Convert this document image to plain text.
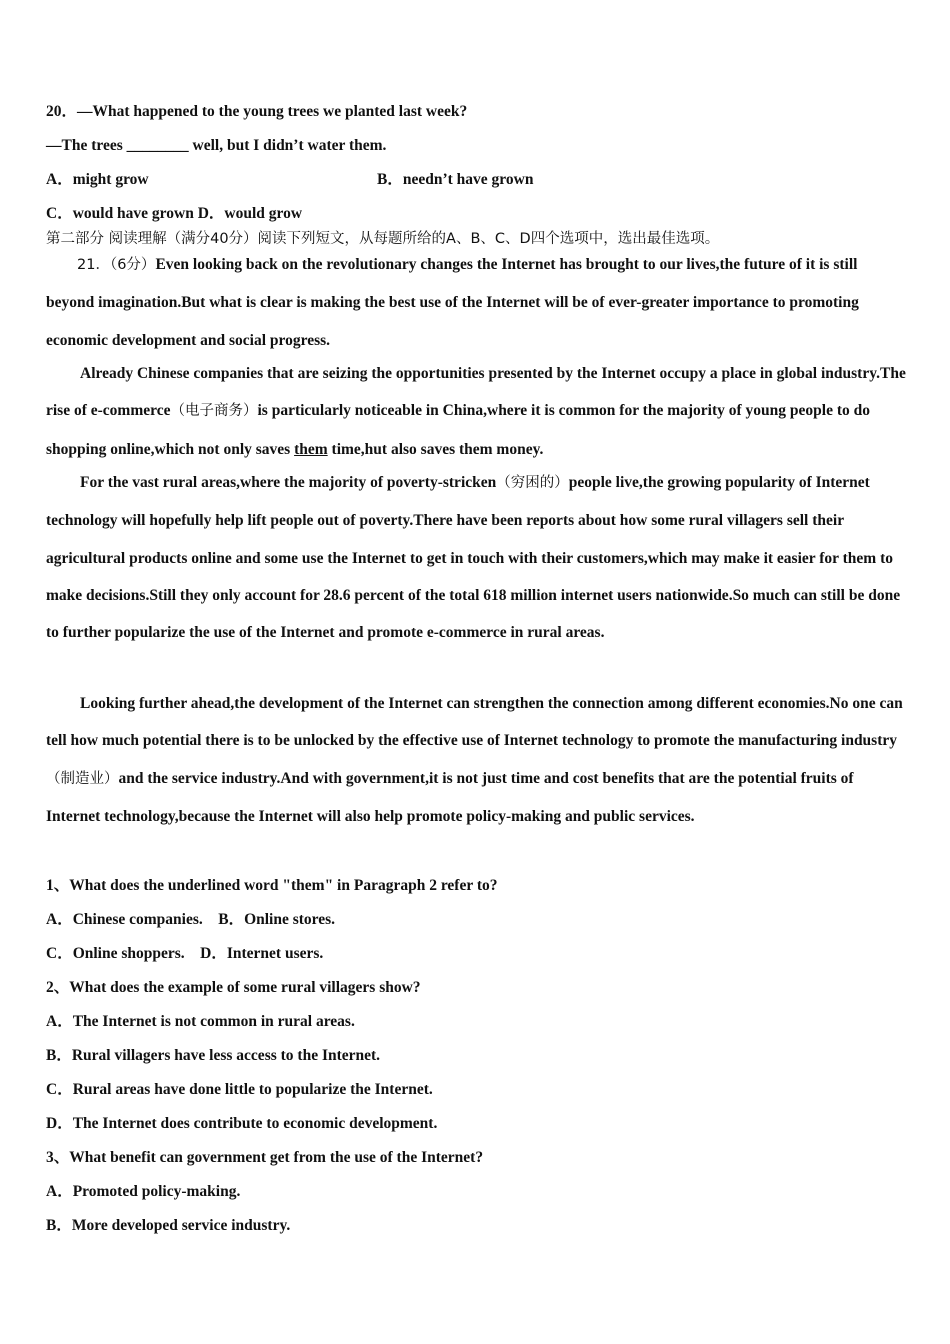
20．—What happened to the young trees we planted last week?
—The trees ________ well, but I didn’t water them.
A．might grow	B．needn’t have grown
C．would have grown D．would grow
第二部分 阅读理解（满分40分）阅读下列短文，从每题所给的A、B、C、D四个选项中，选出最佳选项。
21．（6分）Even looking back on the revolutionary changes the Internet has brought to our lives,the future of it is still beyond imagination.But what is clear is making the best use of the Internet will be of ever-greater importance to promoting economic development and social progress.
Already Chinese companies that are seizing the opportunities presented by the Internet occupy a place in global industry.The rise of e-commerce（电子商务）is particularly noticeable in China,where it is common for the majority of young people to do shopping online,which not only saves them time,hut also saves them money.
For the vast rural areas,where the majority of poverty-stricken（穷困的）people live,the growing popularity of Internet technology will hopefully help lift people out of poverty.There have been reports about how some rural villagers sell their agricultural products online and some use the Internet to get in touch with their customers,which may make it easier for them to make decisions.Still they only account for 28.6 percent of the total 618 million internet users nationwide.So much can still be done to further popularize the use of the Internet and promote e-commerce in rural areas.
Looking further ahead,the development of the Internet can strengthen the connection among different economies.No one can tell how much potential there is to be unlocked by the effective use of Internet technology to promote the manufacturing industry（制造业）and the service industry.And with government,it is not just time and cost benefits that are the potential fruits of Internet technology,because the Internet will also help promote policy-making and public services.
1、What does the underlined word "them" in Paragraph 2 refer to?
A．Chinese companies.    B．Online stores.
C．Online shoppers.    D．Internet users.
2、What does the example of some rural villagers show?
A．The Internet is not common in rural areas.
B．Rural villagers have less access to the Internet.
C．Rural areas have done little to popularize the Internet.
D．The Internet does contribute to economic development.
3、What benefit can government get from the use of the Internet?
A．Promoted policy-making.
B．More developed service industry.
